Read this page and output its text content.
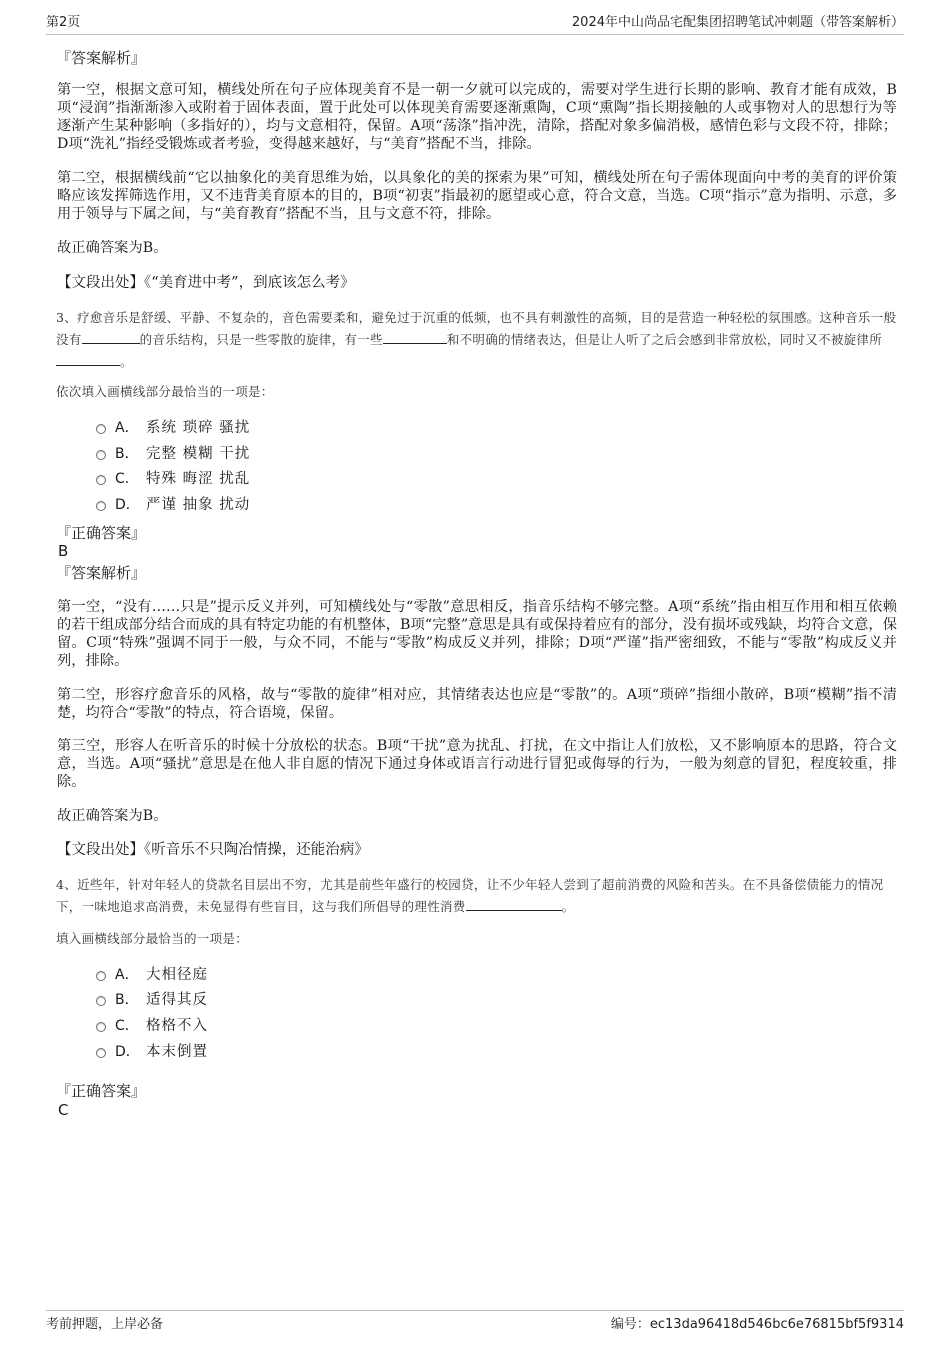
第2页	2024年中山尚品宅配集团招聘笔试冲刺题（带答案解析）
『答案解析』
第一空，根据文意可知，横线处所在句子应体现美育不是一朝一夕就可以完成的，需要对学生进行长期的影响、教育才能有成效，B项“浸润”指渐渐渗入或附着于固体表面，置于此处可以体现美育需要逐渐熏陶，C项“熏陶”指长期接触的人或事物对人的思想行为等逐渐产生某种影响（多指好的），均与文意相符，保留。A项“荡涤”指冲洗，清除，搭配对象多偏消极，感情色彩与文段不符，排除；D项“洗礼”指经受锻炼或者考验，变得越来越好，与“美育”搭配不当，排除。
第二空，根据横线前“它以抽象化的美育思维为始，以具象化的美的探索为果”可知，横线处所在句子需体现面向中考的美育的评价策略应该发挥筛选作用，又不违背美育原本的目的，B项“初衷”指最初的愿望或心意，符合文意，当选。C项“指示”意为指明、示意，多用于领导与下属之间，与“美育教育”搭配不当，且与文意不符，排除。
故正确答案为B。
【文段出处】《“美育进中考”，到底该怎么考》
3、疗愈音乐是舒缓、平静、不复杂的，音色需要柔和，避免过于沉重的低频，也不具有刺激性的高频，目的是营造一种轻松的氛围感。这种音乐一般没有	的音乐结构，只是一些零散的旋律，有一些	和不明确的情绪表达，但是让人听了之后会感到非常放松，同时又不被旋律所。
依次填入画横线部分最恰当的一项是：
A． 系统 琐碎 骚扰
B． 完整 模糊 干扰
C． 特殊 晦涩 扰乱
D． 严谨 抽象 扰动
『正确答案』
B
『答案解析』
第一空，“没有……只是”提示反义并列，可知横线处与“零散”意思相反，指音乐结构不够完整。A项“系统”指由相互作用和相互依赖的若干组成部分结合而成的具有特定功能的有机整体，B项“完整”意思是具有或保持着应有的部分，没有损坏或残缺，均符合文意，保留。C项“特殊”强调不同于一般，与众不同，不能与“零散”构成反义并列，排除；D项“严谨”指严密细致，不能与“零散”构成反义并列，排除。
第二空，形容疗愈音乐的风格，故与“零散的旋律”相对应，其情绪表达也应是“零散”的。A项“琐碎”指细小散碎，B项“模糊”指不清楚，均符合“零散”的特点，符合语境，保留。
第三空，形容人在听音乐的时候十分放松的状态。B项“干扰”意为扰乱、打扰，在文中指让人们放松，又不影响原本的思路，符合文意，当选。A项“骚扰”意思是在他人非自愿的情况下通过身体或语言行动进行冒犯或侮辱的行为，一般为刻意的冒犯，程度较重，排除。
故正确答案为B。
【文段出处】《听音乐不只陶冶情操，还能治病》
4、近些年，针对年轻人的贷款名目层出不穷，尤其是前些年盛行的校园贷，让不少年轻人尝到了超前消费的风险和苦头。在不具备偿债能力的情况下，一味地追求高消费，未免显得有些盲目，这与我们所倡导的理性消费	。
填入画横线部分最恰当的一项是：
A． 大相径庭
B． 适得其反
C． 格格不入
D． 本末倒置
『正确答案』
C
考前押题，上岸必备	编号：ec13da96418d546bc6e76815bf5f9314
